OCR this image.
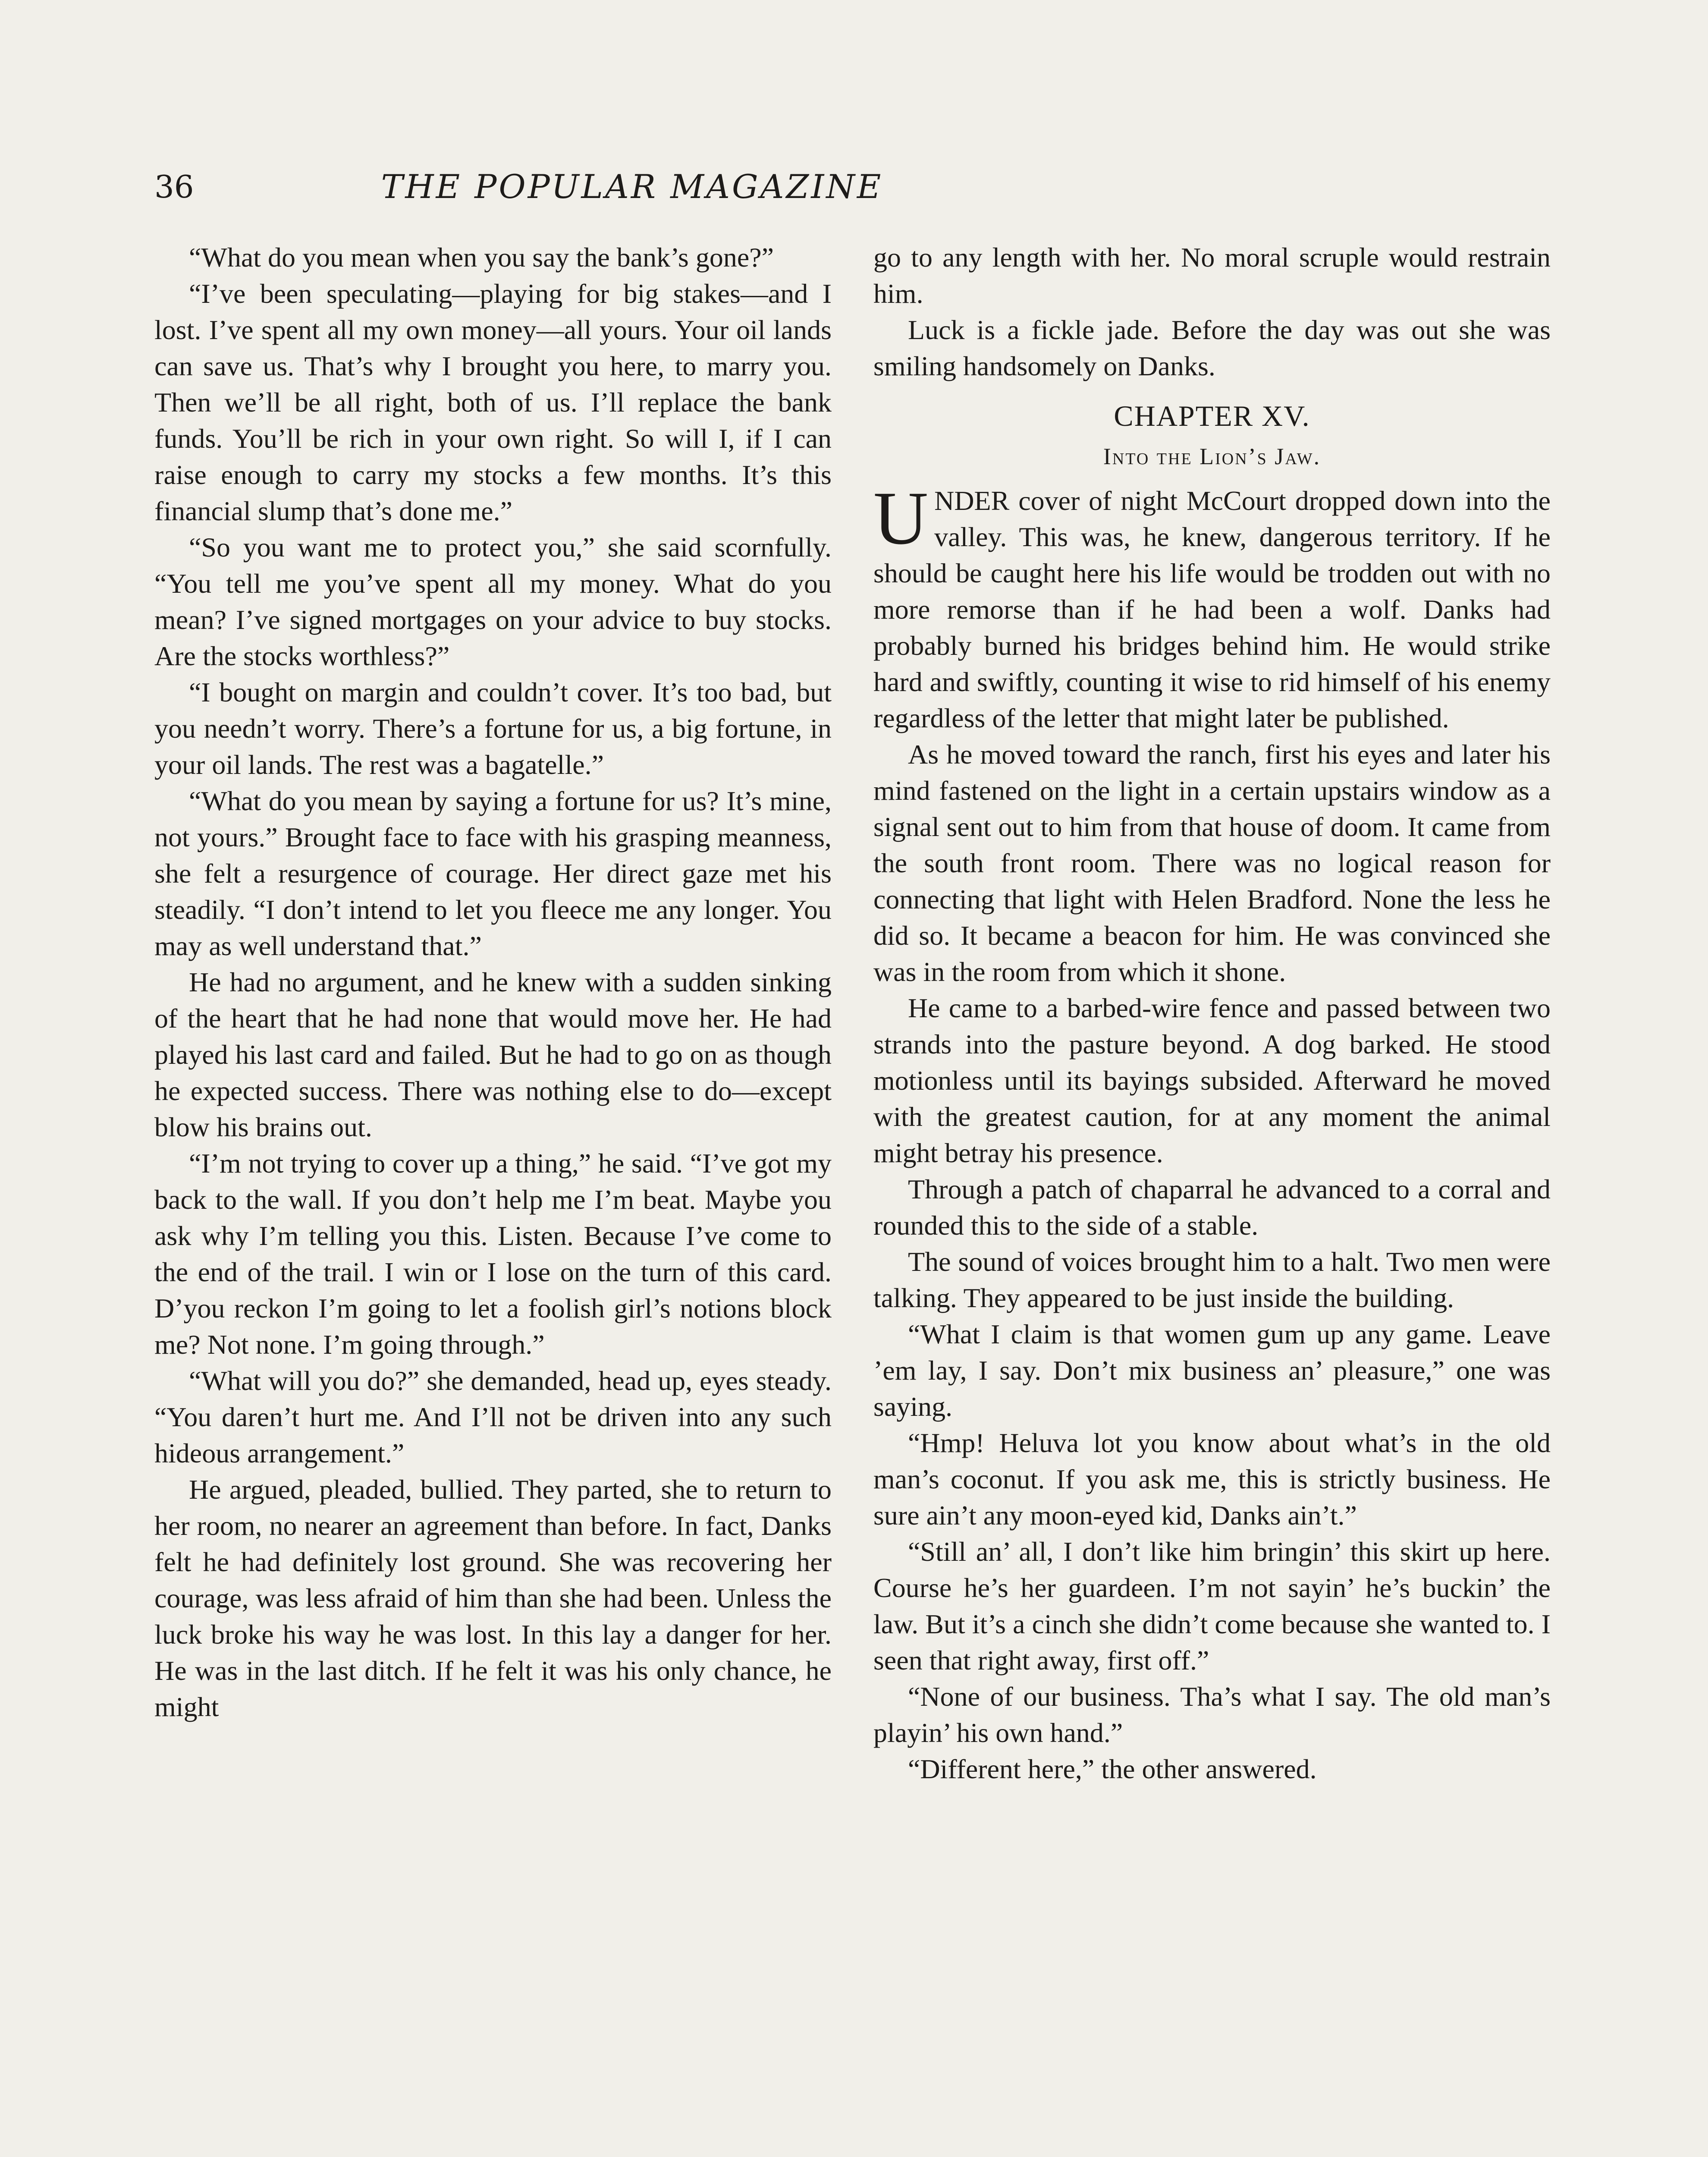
36	THE POPULAR MAGAZINE

“What do you mean when you say the bank’s gone?”

“I’ve been speculating—playing for big stakes—and I lost. I’ve spent all my own money—all yours. Your oil lands can save us. That’s why I brought you here, to marry you. Then we’ll be all right, both of us. I’ll replace the bank funds. You’ll be rich in your own right. So will I, if I can raise enough to carry my stocks a few months. It’s this financial slump that’s done me.”

“So you want me to protect you,” she said scornfully. “You tell me you’ve spent all my money. What do you mean? I’ve signed mortgages on your advice to buy stocks. Are the stocks worthless?”

“I bought on margin and couldn’t cover. It’s too bad, but you needn’t worry. There’s a fortune for us, a big fortune, in your oil lands. The rest was a bagatelle.”

“What do you mean by saying a fortune for us? It’s mine, not yours.” Brought face to face with his grasping meanness, she felt a resurgence of courage. Her direct gaze met his steadily. “I don’t intend to let you fleece me any longer. You may as well understand that.”

He had no argument, and he knew with a sudden sinking of the heart that he had none that would move her. He had played his last card and failed. But he had to go on as though he expected success. There was nothing else to do—except blow his brains out.

“I’m not trying to cover up a thing,” he said. “I’ve got my back to the wall. If you don’t help me I’m beat. Maybe you ask why I’m telling you this. Listen. Because I’ve come to the end of the trail. I win or I lose on the turn of this card. D’you reckon I’m going to let a foolish girl’s notions block me? Not none. I’m going through.”

“What will you do?” she demanded, head up, eyes steady. “You daren’t hurt me. And I’ll not be driven into any such hideous arrangement.”

He argued, pleaded, bullied. They parted, she to return to her room, no nearer an agreement than before. In fact, Danks felt he had definitely lost ground. She was recovering her courage, was less afraid of him than she had been. Unless the luck broke his way he was lost. In this lay a danger for her. He was in the last ditch. If he felt it was his only chance, he might

go to any length with her. No moral scruple would restrain him.

Luck is a fickle jade. Before the day was out she was smiling handsomely on Danks.

CHAPTER XV.
Into the Lion’s Jaw.

UNDER cover of night McCourt dropped down into the valley. This was, he knew, dangerous territory. If he should be caught here his life would be trodden out with no more remorse than if he had been a wolf. Danks had probably burned his bridges behind him. He would strike hard and swiftly, counting it wise to rid himself of his enemy regardless of the letter that might later be published.

As he moved toward the ranch, first his eyes and later his mind fastened on the light in a certain upstairs window as a signal sent out to him from that house of doom. It came from the south front room. There was no logical reason for connecting that light with Helen Bradford. None the less he did so. It became a beacon for him. He was convinced she was in the room from which it shone.

He came to a barbed-wire fence and passed between two strands into the pasture beyond. A dog barked. He stood motionless until its bayings subsided. Afterward he moved with the greatest caution, for at any moment the animal might betray his presence.

Through a patch of chaparral he advanced to a corral and rounded this to the side of a stable.

The sound of voices brought him to a halt. Two men were talking. They appeared to be just inside the building.

“What I claim is that women gum up any game. Leave ’em lay, I say. Don’t mix business an’ pleasure,” one was saying.

“Hmp! Heluva lot you know about what’s in the old man’s coconut. If you ask me, this is strictly business. He sure ain’t any moon-eyed kid, Danks ain’t.”

“Still an’ all, I don’t like him bringin’ this skirt up here. Course he’s her guardeen. I’m not sayin’ he’s buckin’ the law. But it’s a cinch she didn’t come because she wanted to. I seen that right away, first off.”

“None of our business. Tha’s what I say. The old man’s playin’ his own hand.”

“Different here,” the other answered.
